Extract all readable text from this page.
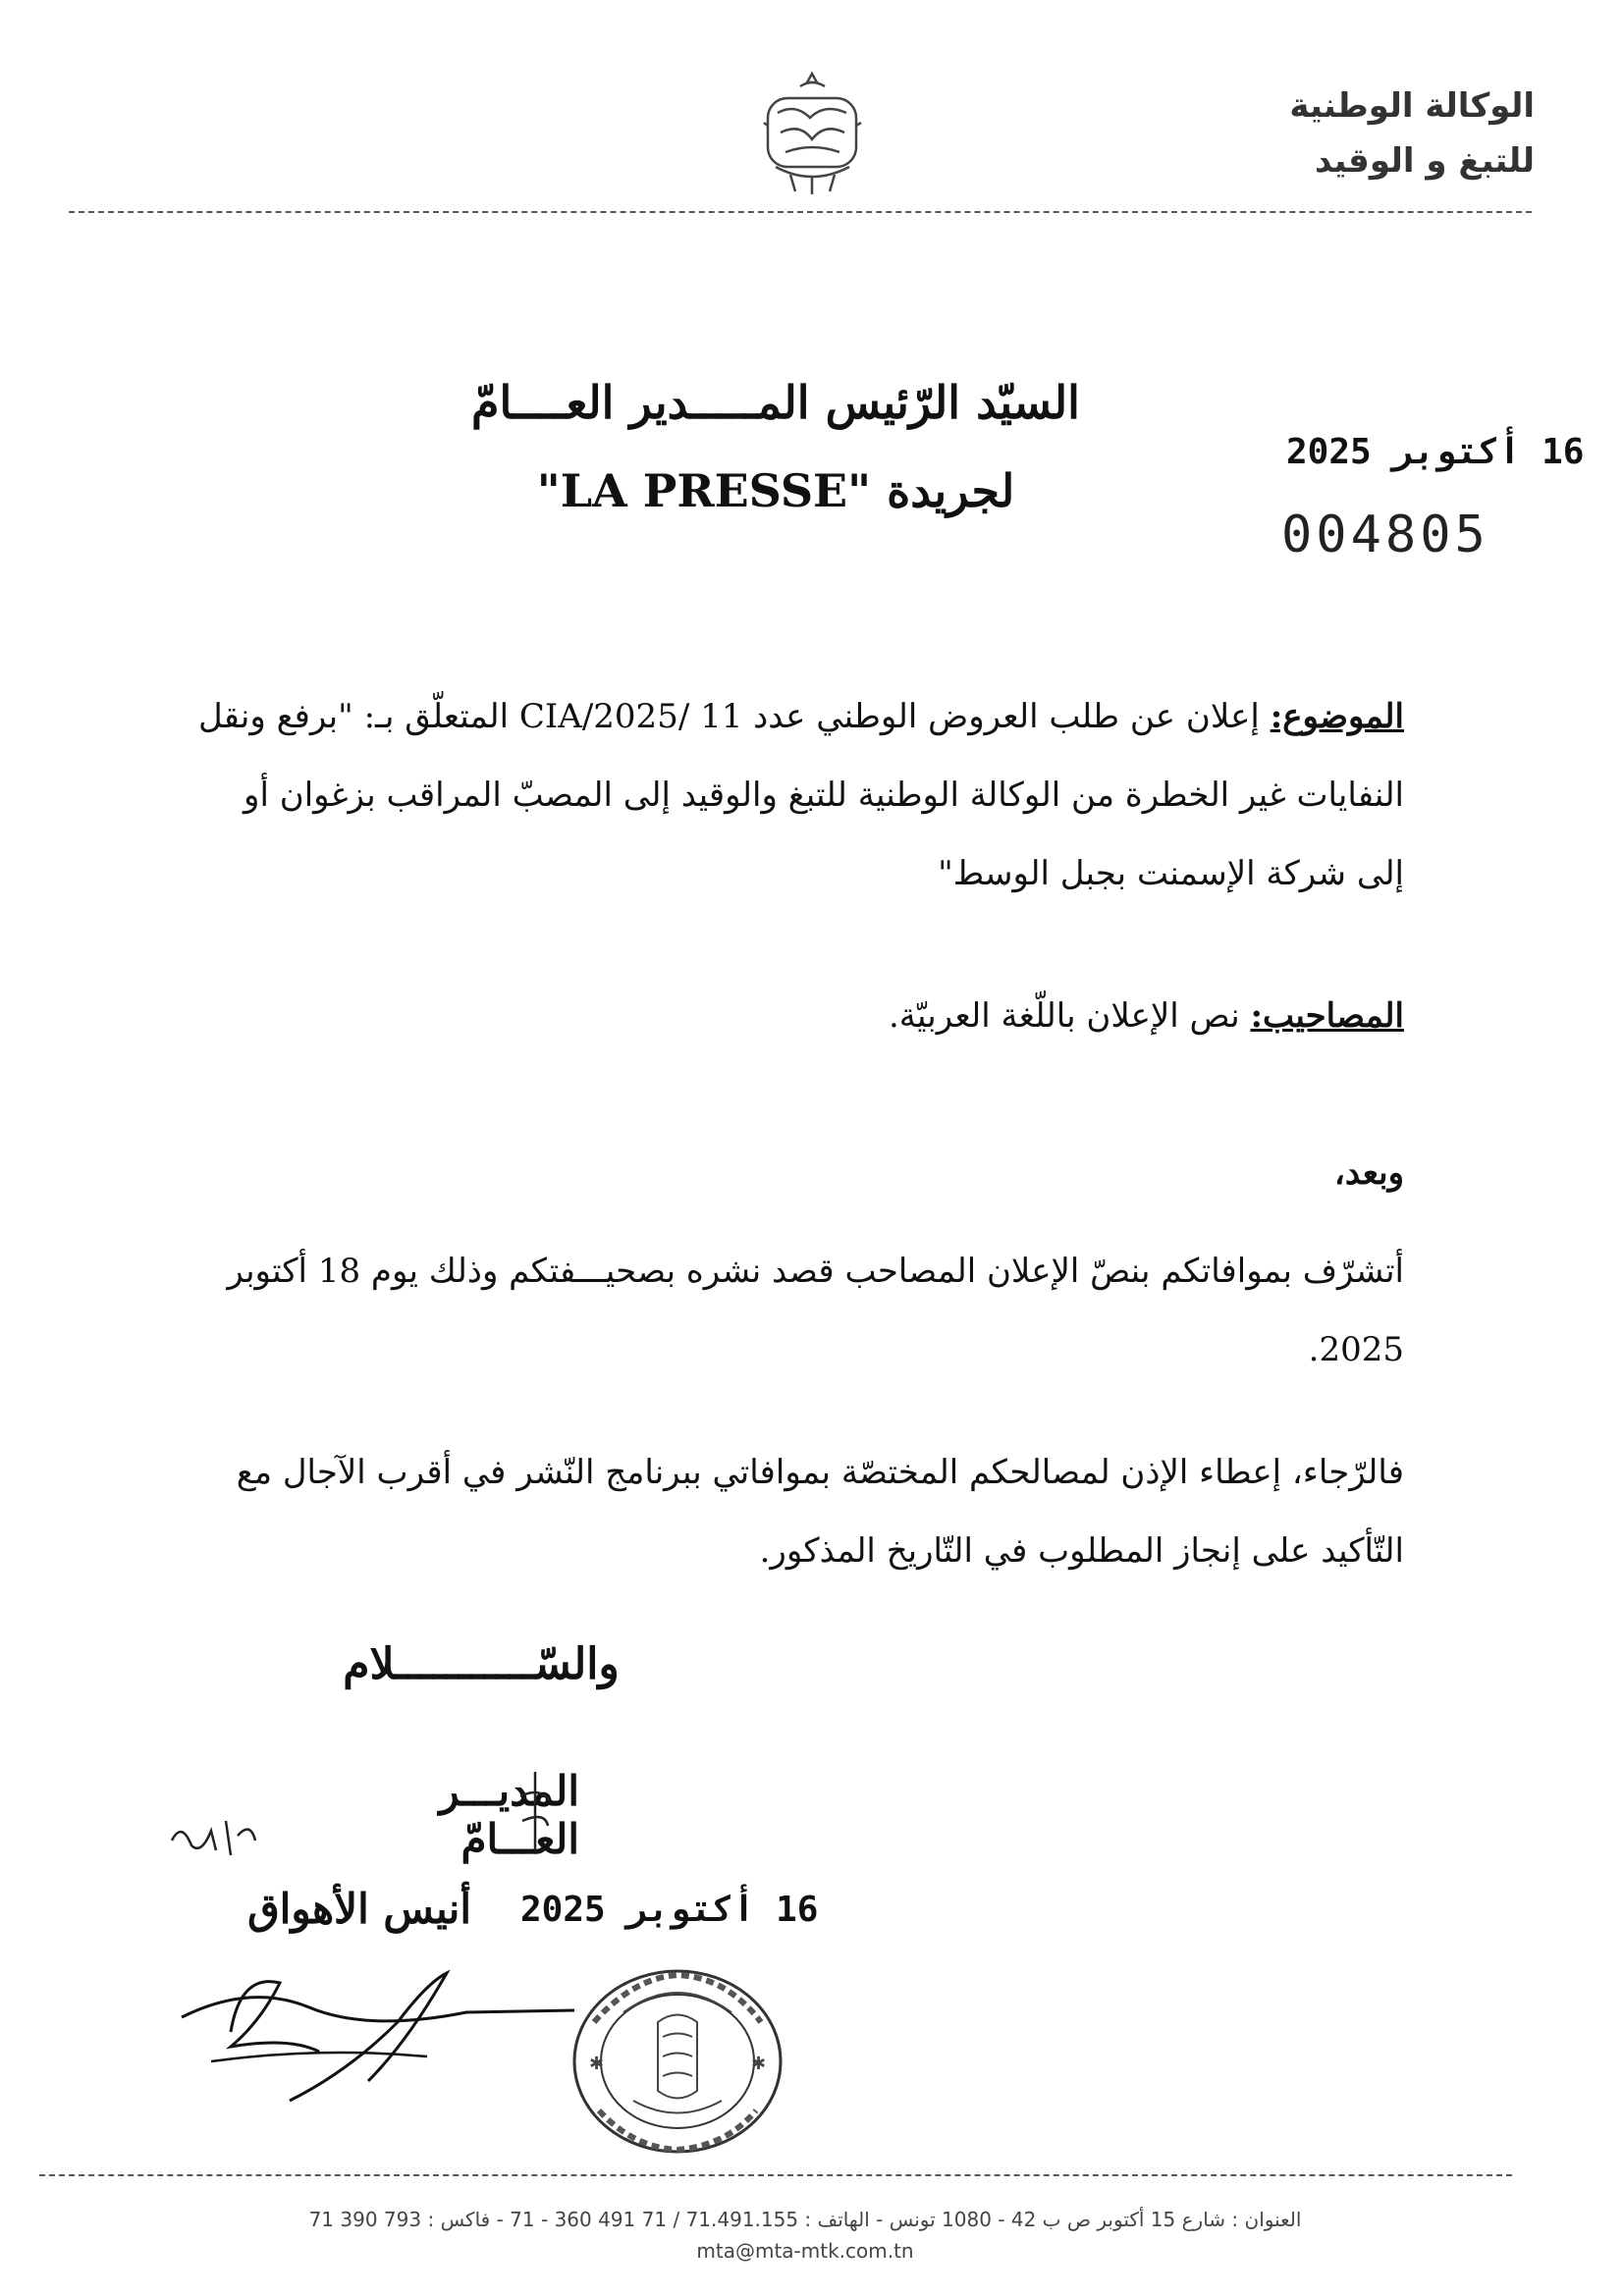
الوكالة الوطنية
للتبغ و الوقيد
السيّد الرّئيس المـــــدير العــــامّ
لجريدة "LA PRESSE"
16 أكتوبر 2025
004805
الموضوع: إعلان عن طلب العروض الوطني عدد 11 /2025/CIA المتعلّق بـ: "برفع ونقل النفايات غير الخطرة من الوكالة الوطنية للتبغ والوقيد إلى المصبّ المراقب بزغوان أو إلى شركة الإسمنت بجبل الوسط"
المصاحيب: نص الإعلان باللّغة العربيّة.
وبعد،
أتشرّف بموافاتكم بنصّ الإعلان المصاحب قصد نشره بصحيـــفتكم وذلك يوم 18 أكتوبر 2025.
فالرّجاء، إعطاء الإذن لمصالحكم المختصّة بموافاتي ببرنامج النّشر في أقرب الآجال مع التّأكيد على إنجاز المطلوب في التّاريخ المذكور.
والسّـــــــــــلام
المديـــر العـــامّ
16 أكتوبر 2025
أنيس الأهواق
✱	✱
العنوان : شارع 15 أكتوبر ص ب 42 - 1080 تونس - الهاتف : 71.491.155 / 71 491 360 - 71 - فاكس : 793 390 71
mta@mta-mtk.com.tn
